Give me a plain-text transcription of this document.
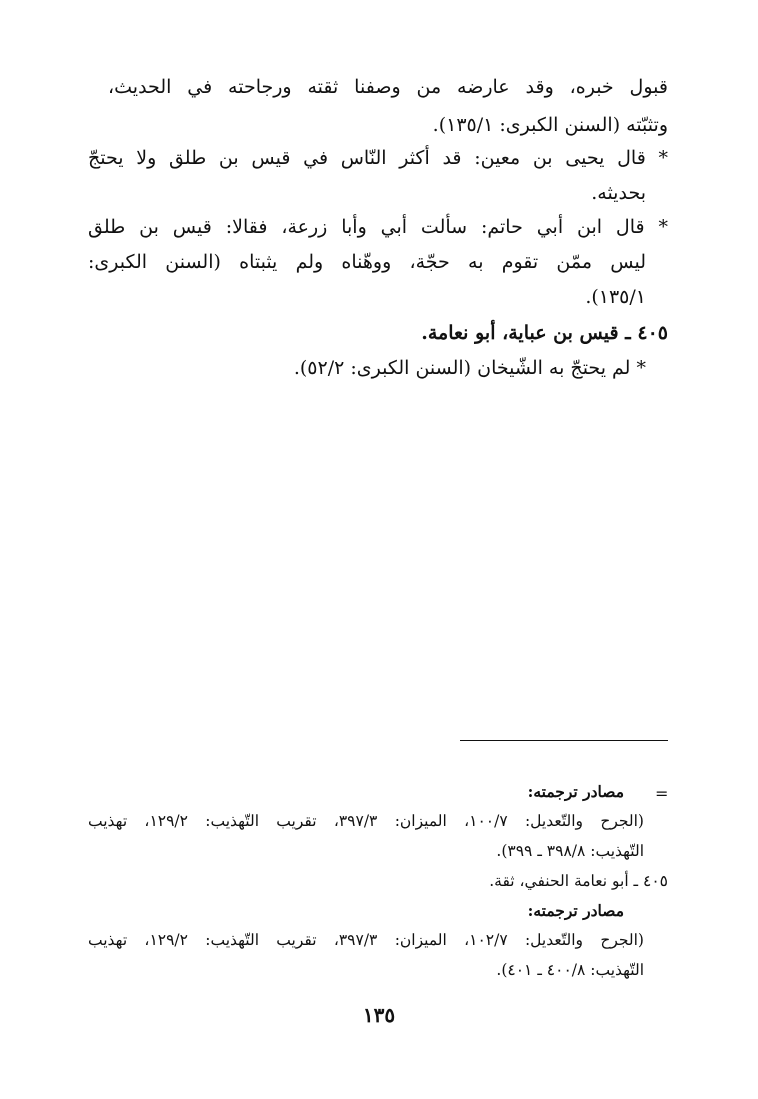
قبول خبره، وقد عارضه من وصفنا ثقته ورجاحته في الحديث،

وتثبّته (السنن الكبرى: ١٣٥/١).

* قال يحيى بن معين: قد أكثر النّاس في قيس بن طلق ولا يحتجّ

بحديثه.

* قال ابن أبي حاتم: سألت أبي وأبا زرعة، فقالا: قيس بن طلق

ليس ممّن تقوم به حجّة، ووهّناه ولم يثبتاه (السنن الكبرى:

١٣٥/١).

٤٠٥ ـ قيس بن عباية، أبو نعامة.

* لم يحتجّ به الشّيخان (السنن الكبرى: ٥٢/٢).

=

مصادر ترجمته:

(الجرح والتّعديل: ١٠٠/٧، الميزان: ٣٩٧/٣، تقريب التّهذيب: ١٢٩/٢، تهذيب

التّهذيب: ٣٩٨/٨ ـ ٣٩٩).

٤٠٥ ـ أبو نعامة الحنفي، ثقة.

مصادر ترجمته:

(الجرح والتّعديل: ١٠٢/٧، الميزان: ٣٩٧/٣، تقريب التّهذيب: ١٢٩/٢، تهذيب

التّهذيب: ٤٠٠/٨ ـ ٤٠١).

١٣٥
